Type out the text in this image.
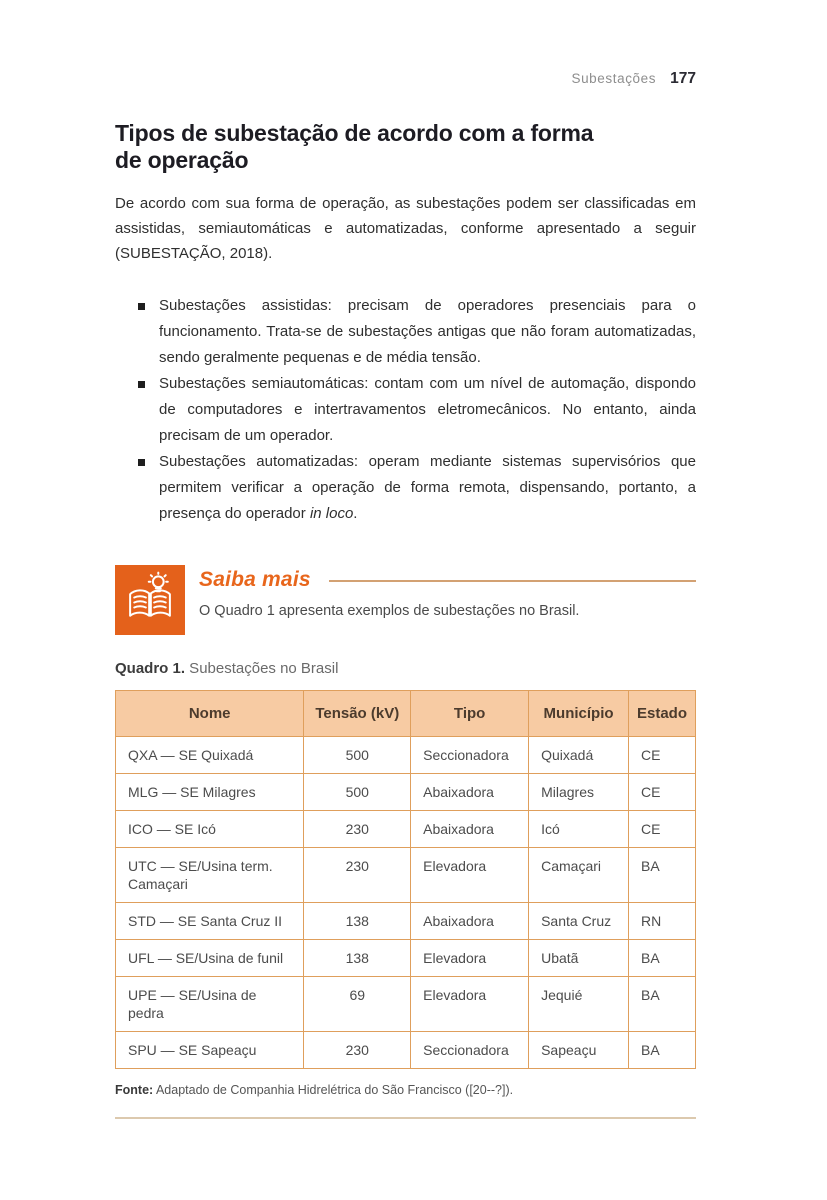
Subestações 177
Tipos de subestação de acordo com a forma de operação

De acordo com sua forma de operação, as subestações podem ser classificadas em assistidas, semiautomáticas e automatizadas, conforme apresentado a seguir (SUBESTAÇÃO, 2018).

Subestações assistidas: precisam de operadores presenciais para o funcionamento. Trata-se de subestações antigas que não foram automatizadas, sendo geralmente pequenas e de média tensão.
Subestações semiautomáticas: contam com um nível de automação, dispondo de computadores e intertravamentos eletromecânicos. No entanto, ainda precisam de um operador.
Subestações automatizadas: operam mediante sistemas supervisórios que permitem verificar a operação de forma remota, dispensando, portanto, a presença do operador in loco.
Saiba mais
O Quadro 1 apresenta exemplos de subestações no Brasil.
Quadro 1. Subestações no Brasil
Nome	Tensão (kV)	Tipo	Município	Estado
QXA — SE Quixadá	500	Seccionadora	Quixadá	CE
MLG — SE Milagres	500	Abaixadora	Milagres	CE
ICO — SE Icó	230	Abaixadora	Icó	CE
UTC — SE/Usina term. Camaçari	230	Elevadora	Camaçari	BA
STD — SE Santa Cruz II	138	Abaixadora	Santa Cruz	RN
UFL — SE/Usina de funil	138	Elevadora	Ubatã	BA
UPE — SE/Usina de pedra	69	Elevadora	Jequié	BA
SPU — SE Sapeaçu	230	Seccionadora	Sapeaçu	BA
Fonte: Adaptado de Companhia Hidrelétrica do São Francisco ([20--?]).
